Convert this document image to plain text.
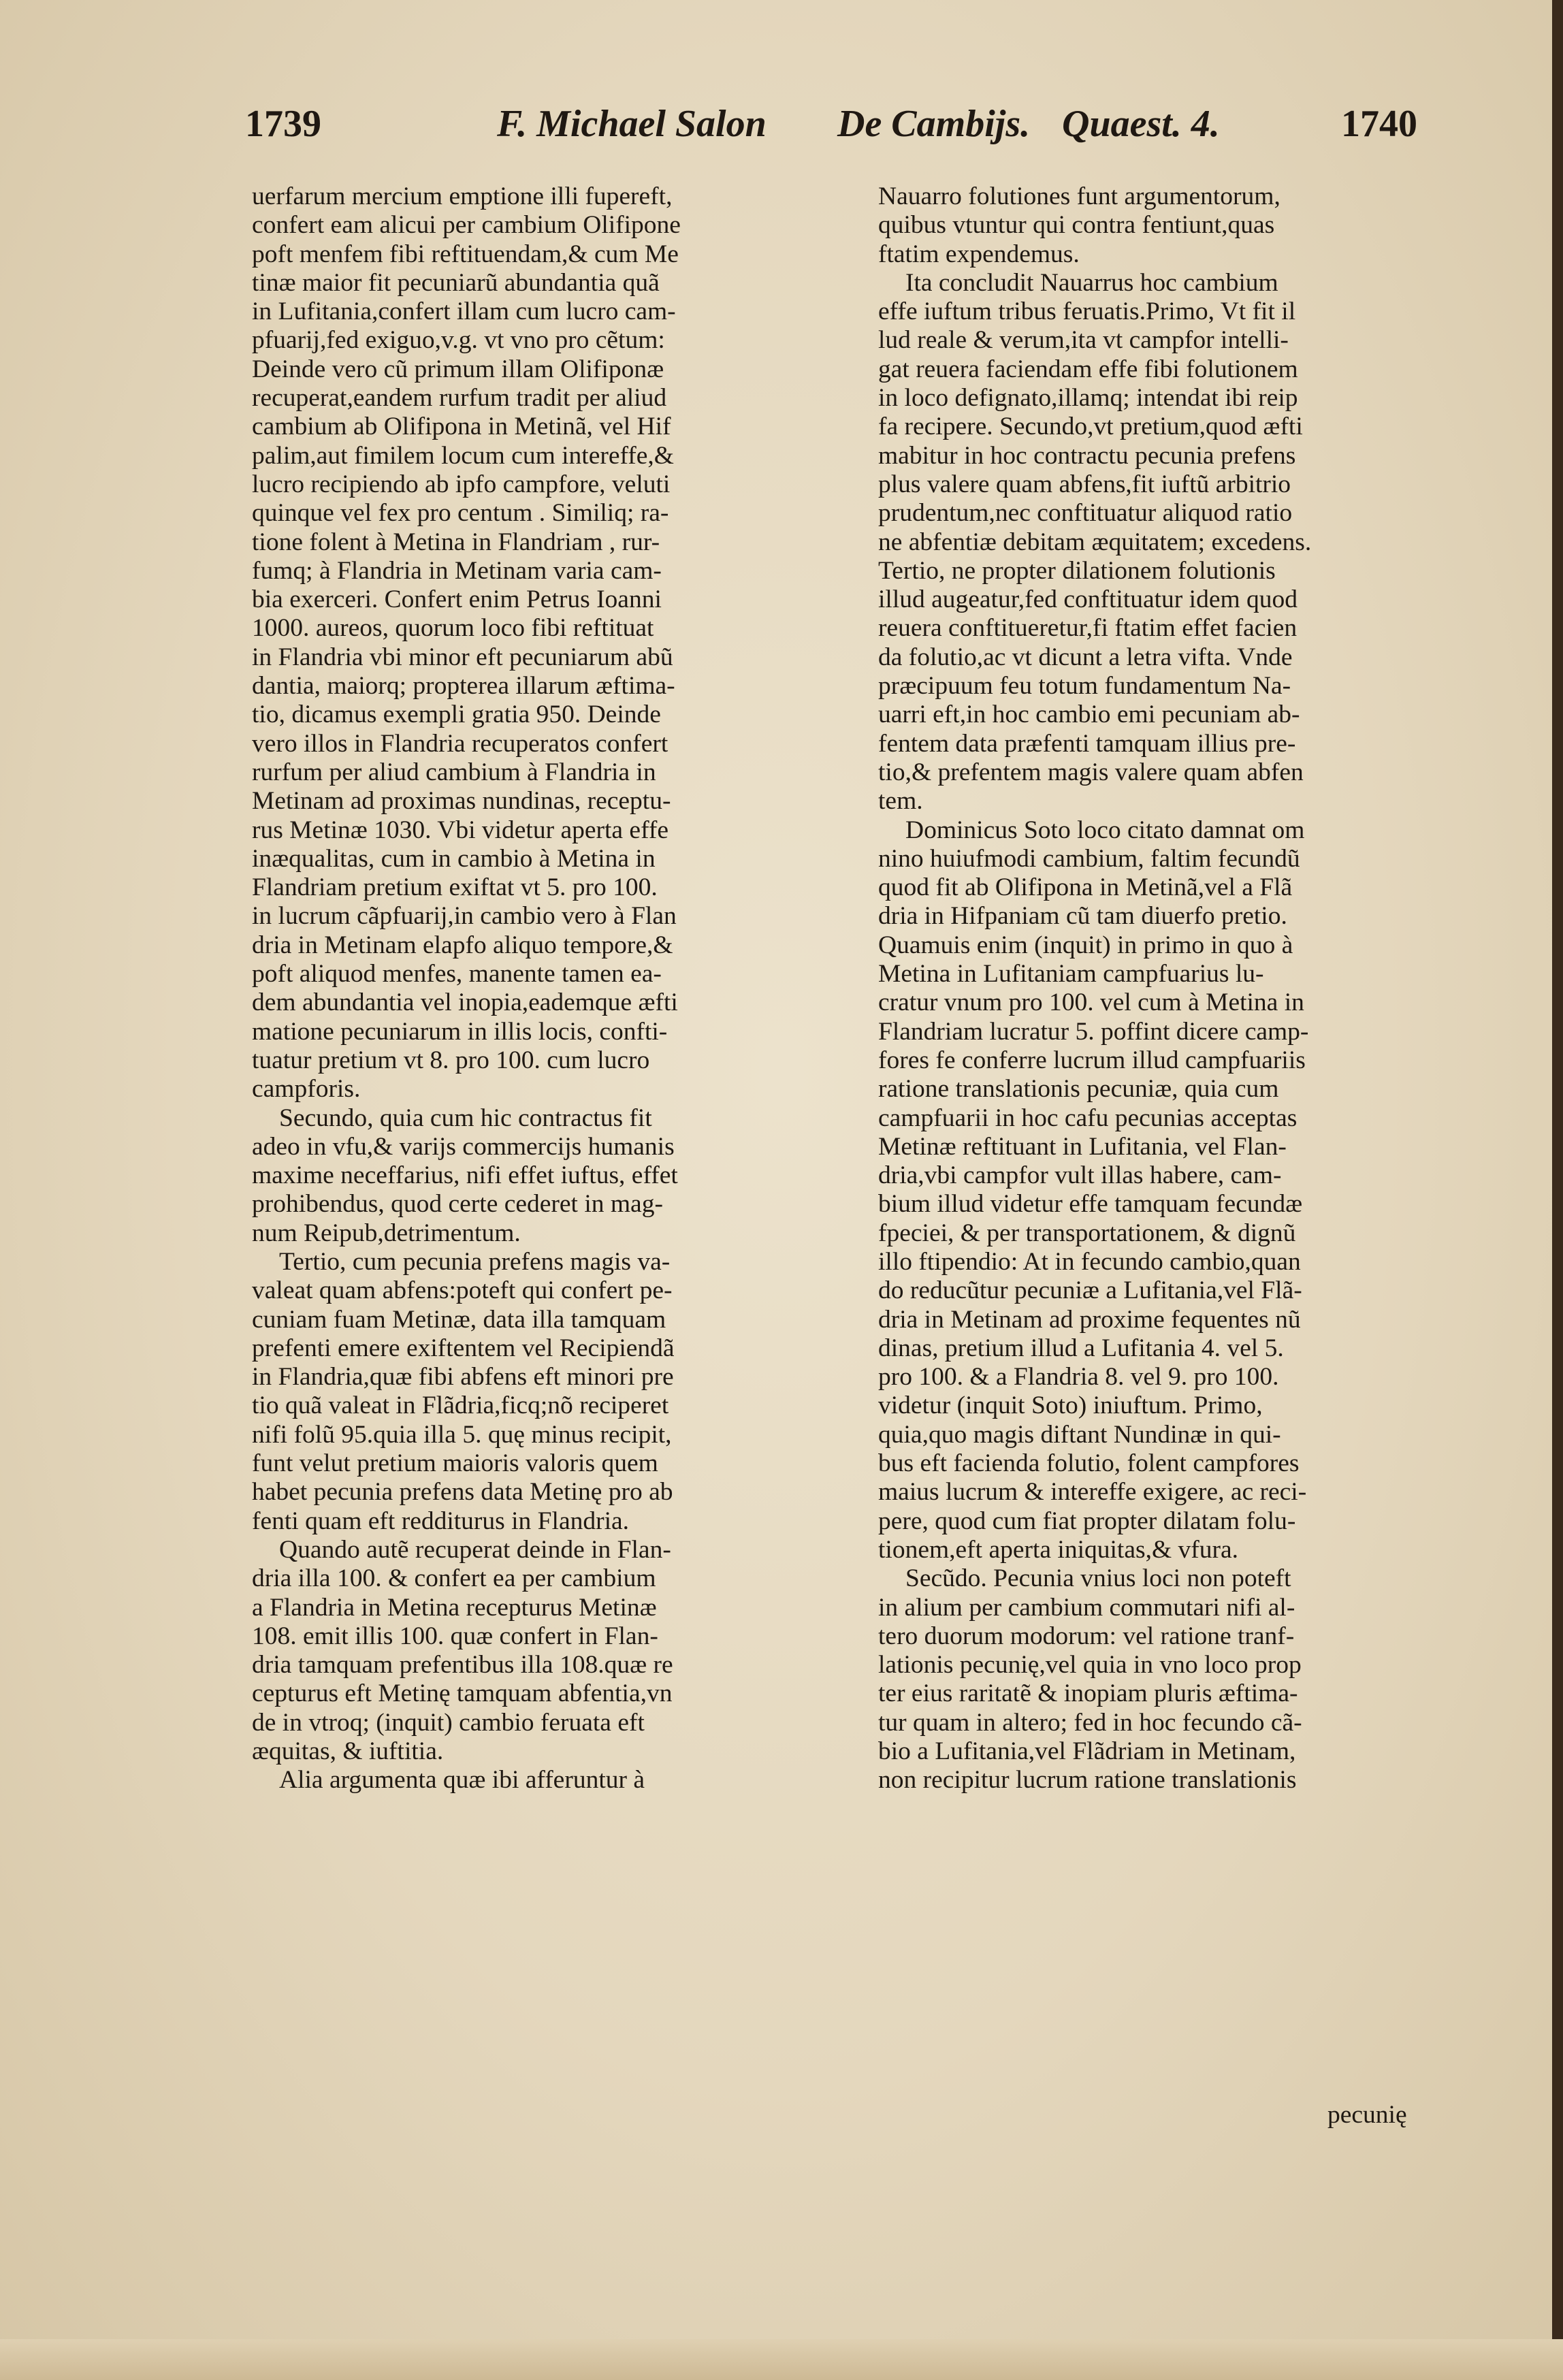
1739	F. Michael Salon De Cambijs. Quaest. 4.	1740
uerfarum mercium emptione illi fupereft,
confert eam alicui per cambium Olifipone
poft menfem fibi reftituendam,& cum Me
tinæ maior fit pecuniarũ abundantia quã
in Lufitania,confert illam cum lucro cam-
pfuarij,fed exiguo,v.g. vt vno pro cẽtum:
Deinde vero cũ primum illam Olifiponæ
recuperat,eandem rurfum tradit per aliud
cambium ab Olifipona in Metinã, vel Hif
palim,aut fimilem locum cum intereffe,&
lucro recipiendo ab ipfo campfore, veluti
quinque vel fex pro centum . Similiq; ra-
tione folent à Metina in Flandriam , rur-
fumq; à Flandria in Metinam varia cam-
bia exerceri. Confert enim Petrus Ioanni
1000. aureos, quorum loco fibi reftituat
in Flandria vbi minor eft pecuniarum abũ
dantia, maiorq; propterea illarum æftima-
tio, dicamus exempli gratia 950. Deinde
vero illos in Flandria recuperatos confert
rurfum per aliud cambium à Flandria in
Metinam ad proximas nundinas, receptu-
rus Metinæ 1030. Vbi videtur aperta effe
inæqualitas, cum in cambio à Metina in
Flandriam pretium exiftat vt 5. pro 100.
in lucrum cãpfuarij,in cambio vero à Flan
dria in Metinam elapfo aliquo tempore,&
poft aliquod menfes, manente tamen ea-
dem abundantia vel inopia,eademque æfti
matione pecuniarum in illis locis, confti-
tuatur pretium vt 8. pro 100. cum lucro
campforis.
Secundo, quia cum hic contractus fit
adeo in vfu,& varijs commercijs humanis
maxime neceffarius, nifi effet iuftus, effet
prohibendus, quod certe cederet in mag-
num Reipub,detrimentum.
Tertio, cum pecunia prefens magis va-
valeat quam abfens:poteft qui confert pe-
cuniam fuam Metinæ, data illa tamquam
prefenti emere exiftentem vel Recipiendã
in Flandria,quæ fibi abfens eft minori pre
tio quã valeat in Flãdria,ficq;nõ reciperet
nifi folũ 95.quia illa 5. quę minus recipit,
funt velut pretium maioris valoris quem
habet pecunia prefens data Metinę pro ab
fenti quam eft redditurus in Flandria.
Quando autẽ recuperat deinde in Flan-
dria illa 100. & confert ea per cambium
a Flandria in Metina recepturus Metinæ
108. emit illis 100. quæ confert in Flan-
dria tamquam prefentibus illa 108.quæ re
cepturus eft Metinę tamquam abfentia,vn
de in vtroq; (inquit) cambio feruata eft
æquitas, & iuftitia.
Alia argumenta quæ ibi afferuntur à
Nauarro folutiones funt argumentorum,
quibus vtuntur qui contra fentiunt,quas
ftatim expendemus.
Ita concludit Nauarrus hoc cambium
effe iuftum tribus feruatis.Primo, Vt fit il
lud reale & verum,ita vt campfor intelli-
gat reuera faciendam effe fibi folutionem
in loco defignato,illamq; intendat ibi reip
fa recipere. Secundo,vt pretium,quod æfti
mabitur in hoc contractu pecunia prefens
plus valere quam abfens,fit iuftũ arbitrio
prudentum,nec conftituatur aliquod ratio
ne abfentiæ debitam æquitatem; excedens.
Tertio, ne propter dilationem folutionis
illud augeatur,fed conftituatur idem quod
reuera conftitueretur,fi ftatim effet facien
da folutio,ac vt dicunt a letra vifta. Vnde
præcipuum feu totum fundamentum Na-
uarri eft,in hoc cambio emi pecuniam ab-
fentem data præfenti tamquam illius pre-
tio,& prefentem magis valere quam abfen
tem.
Dominicus Soto loco citato damnat om
nino huiufmodi cambium, faltim fecundũ
quod fit ab Olifipona in Metinã,vel a Flã
dria in Hifpaniam cũ tam diuerfo pretio.
Quamuis enim (inquit) in primo in quo à
Metina in Lufitaniam campfuarius lu-
cratur vnum pro 100. vel cum à Metina in
Flandriam lucratur 5. poffint dicere camp-
fores fe conferre lucrum illud campfuariis
ratione translationis pecuniæ, quia cum
campfuarii in hoc cafu pecunias acceptas
Metinæ reftituant in Lufitania, vel Flan-
dria,vbi campfor vult illas habere, cam-
bium illud videtur effe tamquam fecundæ
fpeciei, & per transportationem, & dignũ
illo ftipendio: At in fecundo cambio,quan
do reducũtur pecuniæ a Lufitania,vel Flã-
dria in Metinam ad proxime fequentes nũ
dinas, pretium illud a Lufitania 4. vel 5.
pro 100. & a Flandria 8. vel 9. pro 100.
videtur (inquit Soto) iniuftum. Primo,
quia,quo magis diftant Nundinæ in qui-
bus eft facienda folutio, folent campfores
maius lucrum & intereffe exigere, ac reci-
pere, quod cum fiat propter dilatam folu-
tionem,eft aperta iniquitas,& vfura.
Secũdo. Pecunia vnius loci non poteft
in alium per cambium commutari nifi al-
tero duorum modorum: vel ratione tranf-
lationis pecunię,vel quia in vno loco prop
ter eius raritatẽ & inopiam pluris æftima-
tur quam in altero; fed in hoc fecundo cã-
bio a Lufitania,vel Flãdriam in Metinam,
non recipitur lucrum ratione translationis
pecunię
